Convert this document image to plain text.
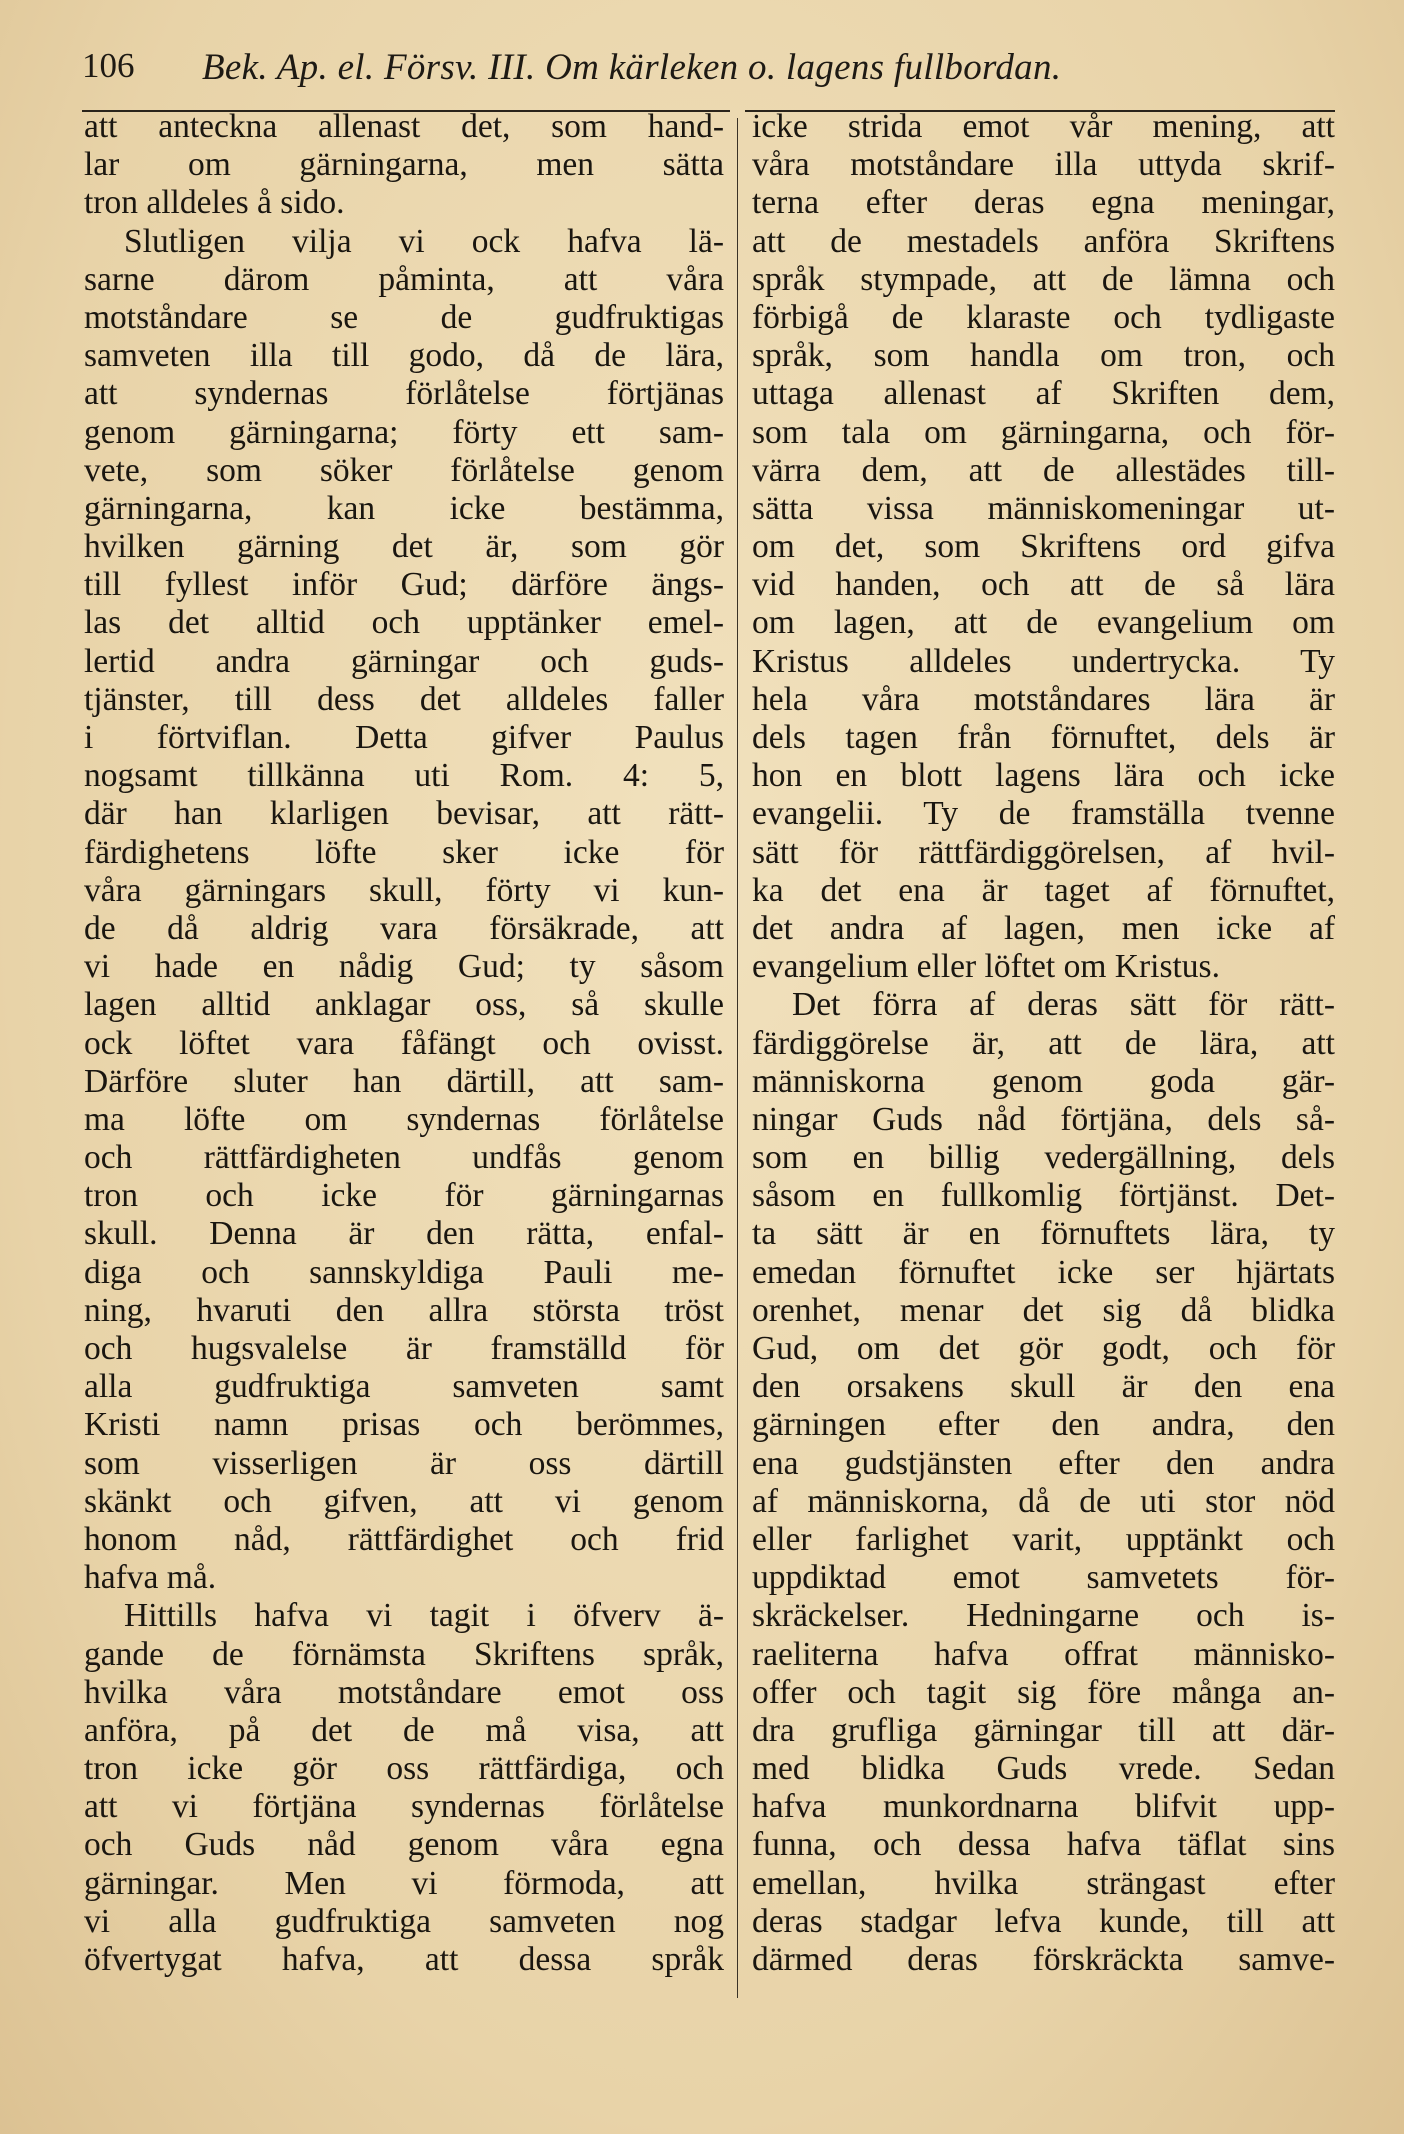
106 Bek. Ap. el. Försv. III. Om kärleken o. lagens fullbordan.
att anteckna allenast det, som hand-
lar om gärningarna, men sätta
tron alldeles å sido.
Slutligen vilja vi ock hafva lä-
sarne därom påminta, att våra
motståndare se de gudfruktigas
samveten illa till godo, då de lära,
att syndernas förlåtelse förtjänas
genom gärningarna; förty ett sam-
vete, som söker förlåtelse genom
gärningarna, kan icke bestämma,
hvilken gärning det är, som gör
till fyllest inför Gud; därföre ängs-
las det alltid och upptänker emel-
lertid andra gärningar och guds-
tjänster, till dess det alldeles faller
i förtviflan. Detta gifver Paulus
nogsamt tillkänna uti Rom. 4: 5,
där han klarligen bevisar, att rätt-
färdighetens löfte sker icke för
våra gärningars skull, förty vi kun-
de då aldrig vara försäkrade, att
vi hade en nådig Gud; ty såsom
lagen alltid anklagar oss, så skulle
ock löftet vara fåfängt och ovisst.
Därföre sluter han därtill, att sam-
ma löfte om syndernas förlåtelse
och rättfärdigheten undfås genom
tron och icke för gärningarnas
skull. Denna är den rätta, enfal-
diga och sannskyldiga Pauli me-
ning, hvaruti den allra största tröst
och hugsvalelse är framställd för
alla gudfruktiga samveten samt
Kristi namn prisas och berömmes,
som visserligen är oss därtill
skänkt och gifven, att vi genom
honom nåd, rättfärdighet och frid
hafva må.
Hittills hafva vi tagit i öfverv ä-
gande de förnämsta Skriftens språk,
hvilka våra motståndare emot oss
anföra, på det de må visa, att
tron icke gör oss rättfärdiga, och
att vi förtjäna syndernas förlåtelse
och Guds nåd genom våra egna
gärningar. Men vi förmoda, att
vi alla gudfruktiga samveten nog
öfvertygat hafva, att dessa språk
icke strida emot vår mening, att
våra motståndare illa uttyda skrif-
terna efter deras egna meningar,
att de mestadels anföra Skriftens
språk stympade, att de lämna och
förbigå de klaraste och tydligaste
språk, som handla om tron, och
uttaga allenast af Skriften dem,
som tala om gärningarna, och för-
värra dem, att de allestädes till-
sätta vissa människomeningar ut-
om det, som Skriftens ord gifva
vid handen, och att de så lära
om lagen, att de evangelium om
Kristus alldeles undertrycka. Ty
hela våra motståndares lära är
dels tagen från förnuftet, dels är
hon en blott lagens lära och icke
evangelii. Ty de framställa tvenne
sätt för rättfärdiggörelsen, af hvil-
ka det ena är taget af förnuftet,
det andra af lagen, men icke af
evangelium eller löftet om Kristus.
Det förra af deras sätt för rätt-
färdiggörelse är, att de lära, att
människorna genom goda gär-
ningar Guds nåd förtjäna, dels så-
som en billig vedergällning, dels
såsom en fullkomlig förtjänst. Det-
ta sätt är en förnuftets lära, ty
emedan förnuftet icke ser hjärtats
orenhet, menar det sig då blidka
Gud, om det gör godt, och för
den orsakens skull är den ena
gärningen efter den andra, den
ena gudstjänsten efter den andra
af människorna, då de uti stor nöd
eller farlighet varit, upptänkt och
uppdiktad emot samvetets för-
skräckelser. Hedningarne och is-
raeliterna hafva offrat människo-
offer och tagit sig före många an-
dra grufliga gärningar till att där-
med blidka Guds vrede. Sedan
hafva munkordnarna blifvit upp-
funna, och dessa hafva täflat sins
emellan, hvilka strängast efter
deras stadgar lefva kunde, till att
därmed deras förskräckta samve-
